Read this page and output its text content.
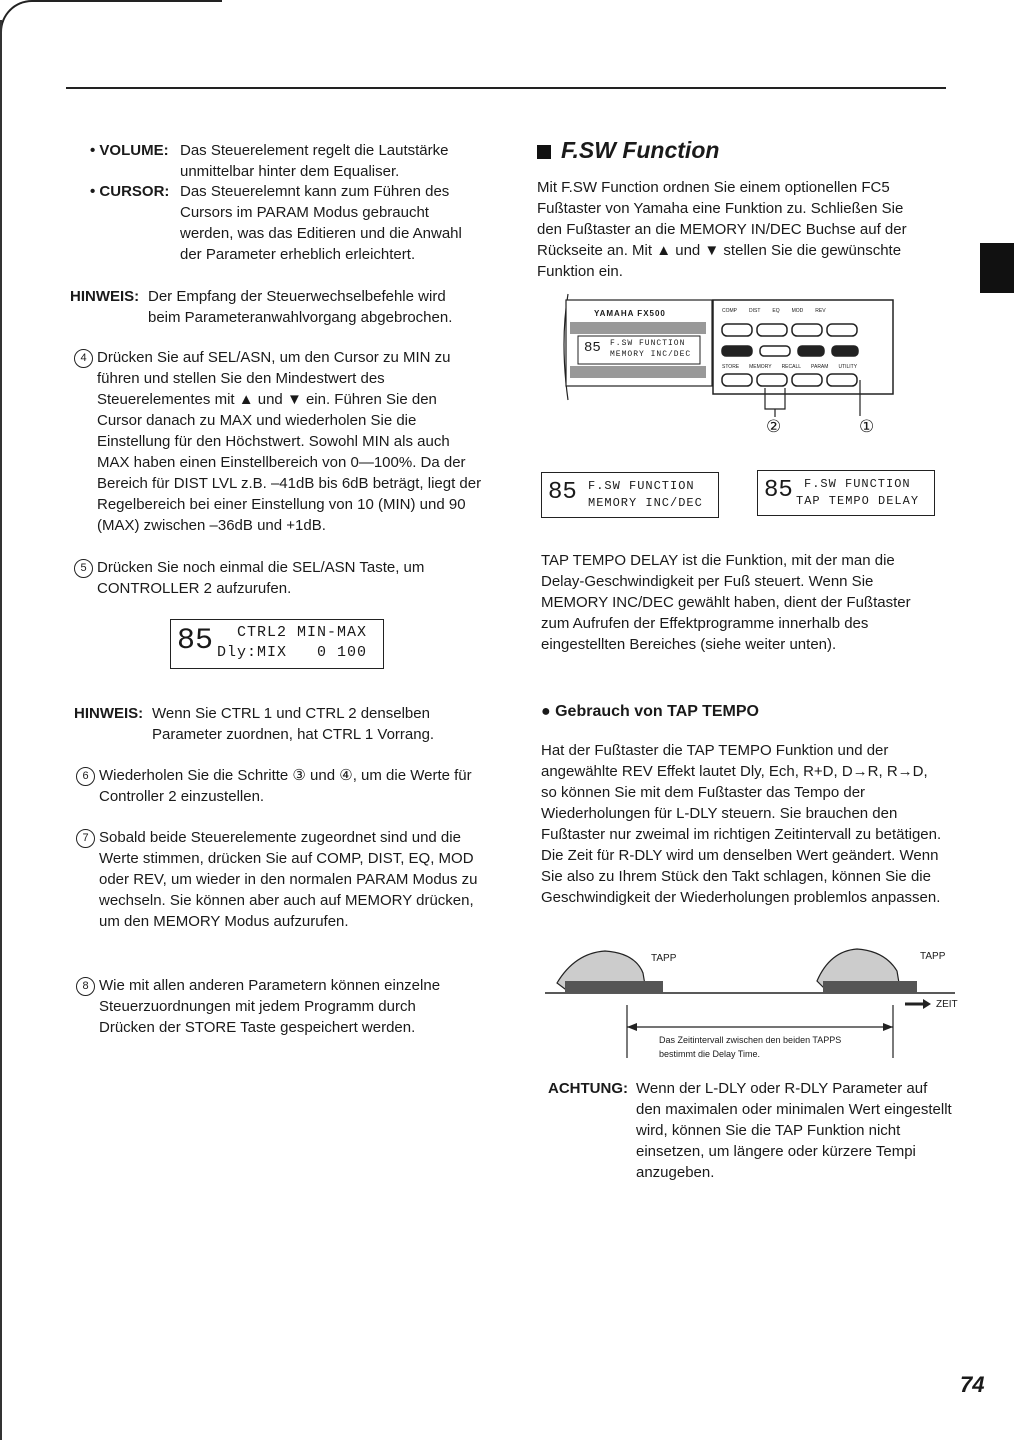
• VOLUME: Das Steuerelement regelt die Lautstärke unmittelbar hinter dem Equaliser.
• CURSOR: Das Steuerelemnt kann zum Führen des Cursors im PARAM Modus gebraucht werden, was das Editieren und die Anwahl der Parameter erheblich erleichtert.
HINWEIS: Der Empfang der Steuerwechselbefehle wird beim Parameteranwahlvorgang abgebrochen.
4 Drücken Sie auf SEL/ASN, um den Cursor zu MIN zu führen und stellen Sie den Mindestwert des Steuerelementes mit ▲ und ▼ ein. Führen Sie den Cursor danach zu MAX und wiederholen Sie die Einstellung für den Höchstwert. Sowohl MIN als auch MAX haben einen Einstellbereich von 0—100%. Da der Bereich für DIST LVL z.B. –41dB bis 6dB beträgt, liegt der Regelbereich bei einer Einstellung von 10 (MIN) und 90 (MAX) zwischen –36dB und +1dB.
5 Drücken Sie noch einmal die SEL/ASN Taste, um CONTROLLER 2 aufzurufen.
85 CTRL2 MIN-MAX
Dly:MIX   0 100
HINWEIS: Wenn Sie CTRL 1 und CTRL 2 denselben Parameter zuordnen, hat CTRL 1 Vorrang.
6 Wiederholen Sie die Schritte ③ und ④, um die Werte für Controller 2 einzustellen.
7 Sobald beide Steuerelemente zugeordnet sind und die Werte stimmen, drücken Sie auf COMP, DIST, EQ, MOD oder REV, um wieder in den normalen PARAM Modus zu wechseln. Sie können aber auch auf MEMORY drücken, um den MEMORY Modus aufzurufen.
8 Wie mit allen anderen Parametern können einzelne Steuerzuordnungen mit jedem Programm durch Drücken der STORE Taste gespeichert werden.
F.SW Function
Mit F.SW Function ordnen Sie einem optionellen FC5 Fußtaster von Yamaha eine Funktion zu. Schließen Sie den Fußtaster an die MEMORY IN/DEC Buchse auf der Rückseite an. Mit ▲ und ▼ stellen Sie die gewünschte Funktion ein.
YAMAHA FX500
85 F.SW FUNCTION
MEMORY INC/DEC
COMP DIST EQ MOD REV
STORE MEMORY RECALL PARAM UTILITY
②	①
85 F.SW FUNCTION
MEMORY INC/DEC	85 F.SW FUNCTION
TAP TEMPO DELAY
TAP TEMPO DELAY ist die Funktion, mit der man die Delay-Geschwindigkeit per Fuß steuert. Wenn Sie MEMORY INC/DEC gewählt haben, dient der Fußtaster zum Aufrufen der Effektprogramme innerhalb des eingestellten Bereiches (siehe weiter unten).
● Gebrauch von TAP TEMPO
Hat der Fußtaster die TAP TEMPO Funktion und der angewählte REV Effekt lautet Dly, Ech, R+D, D→R, R→D, so können Sie mit dem Fußtaster das Tempo der Wiederholungen für L-DLY steuern. Sie brauchen den Fußtaster nur zweimal im richtigen Zeitintervall zu betätigen. Die Zeit für R-DLY wird um denselben Wert geändert. Wenn Sie also zu Ihrem Stück den Takt schlagen, können Sie die Geschwindigkeit der Wiederholungen problemlos anpassen.
TAPP	TAPP
ZEIT
Das Zeitintervall zwischen den beiden TAPPS
bestimmt die Delay Time.
ACHTUNG: Wenn der L-DLY oder R-DLY Parameter auf den maximalen oder minimalen Wert eingestellt wird, können Sie die TAP Funktion nicht einsetzen, um längere oder kürzere Tempi anzugeben.
74
